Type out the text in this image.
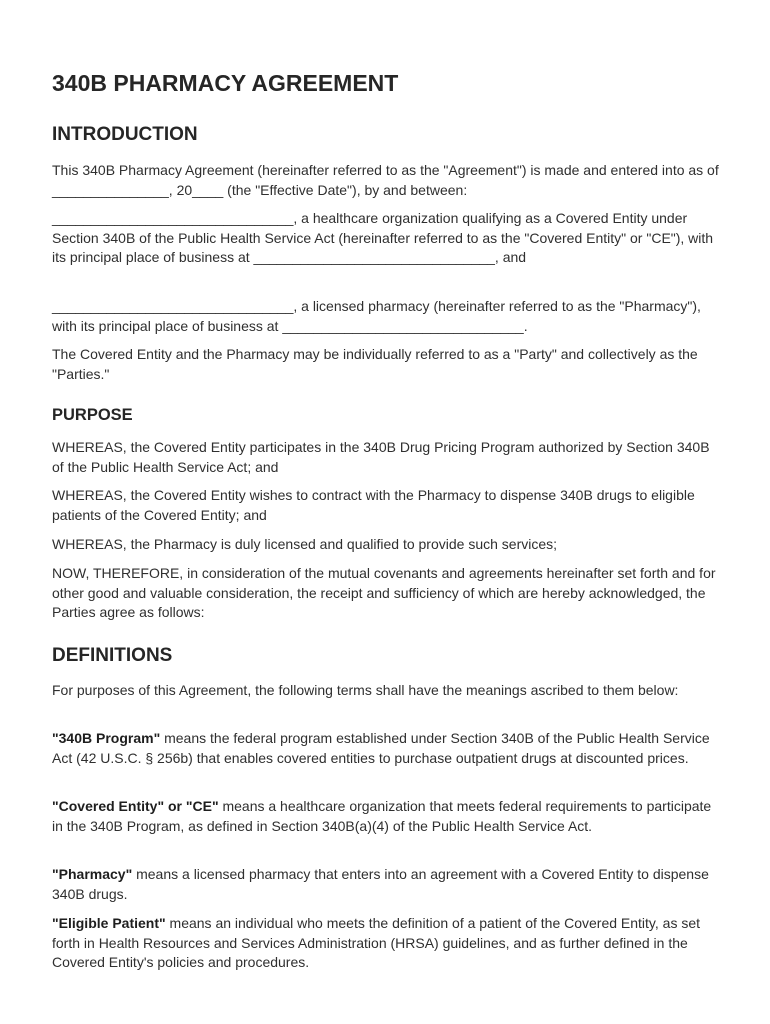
340B PHARMACY AGREEMENT
INTRODUCTION

This 340B Pharmacy Agreement (hereinafter referred to as the "Agreement") is made and entered into as of _______________, 20____ (the "Effective Date"), by and between:

_______________________________, a healthcare organization qualifying as a Covered Entity under Section 340B of the Public Health Service Act (hereinafter referred to as the "Covered Entity" or "CE"), with its principal place of business at _______________________________, and

_______________________________, a licensed pharmacy (hereinafter referred to as the "Pharmacy"), with its principal place of business at _______________________________.

The Covered Entity and the Pharmacy may be individually referred to as a "Party" and collectively as the "Parties."

PURPOSE

WHEREAS, the Covered Entity participates in the 340B Drug Pricing Program authorized by Section 340B of the Public Health Service Act; and

WHEREAS, the Covered Entity wishes to contract with the Pharmacy to dispense 340B drugs to eligible patients of the Covered Entity; and

WHEREAS, the Pharmacy is duly licensed and qualified to provide such services;

NOW, THEREFORE, in consideration of the mutual covenants and agreements hereinafter set forth and for other good and valuable consideration, the receipt and sufficiency of which are hereby acknowledged, the Parties agree as follows:

DEFINITIONS

For purposes of this Agreement, the following terms shall have the meanings ascribed to them below:

"340B Program" means the federal program established under Section 340B of the Public Health Service Act (42 U.S.C. § 256b) that enables covered entities to purchase outpatient drugs at discounted prices.

"Covered Entity" or "CE" means a healthcare organization that meets federal requirements to participate in the 340B Program, as defined in Section 340B(a)(4) of the Public Health Service Act.

"Pharmacy" means a licensed pharmacy that enters into an agreement with a Covered Entity to dispense 340B drugs.

"Eligible Patient" means an individual who meets the definition of a patient of the Covered Entity, as set forth in Health Resources and Services Administration (HRSA) guidelines, and as further defined in the Covered Entity's policies and procedures.
